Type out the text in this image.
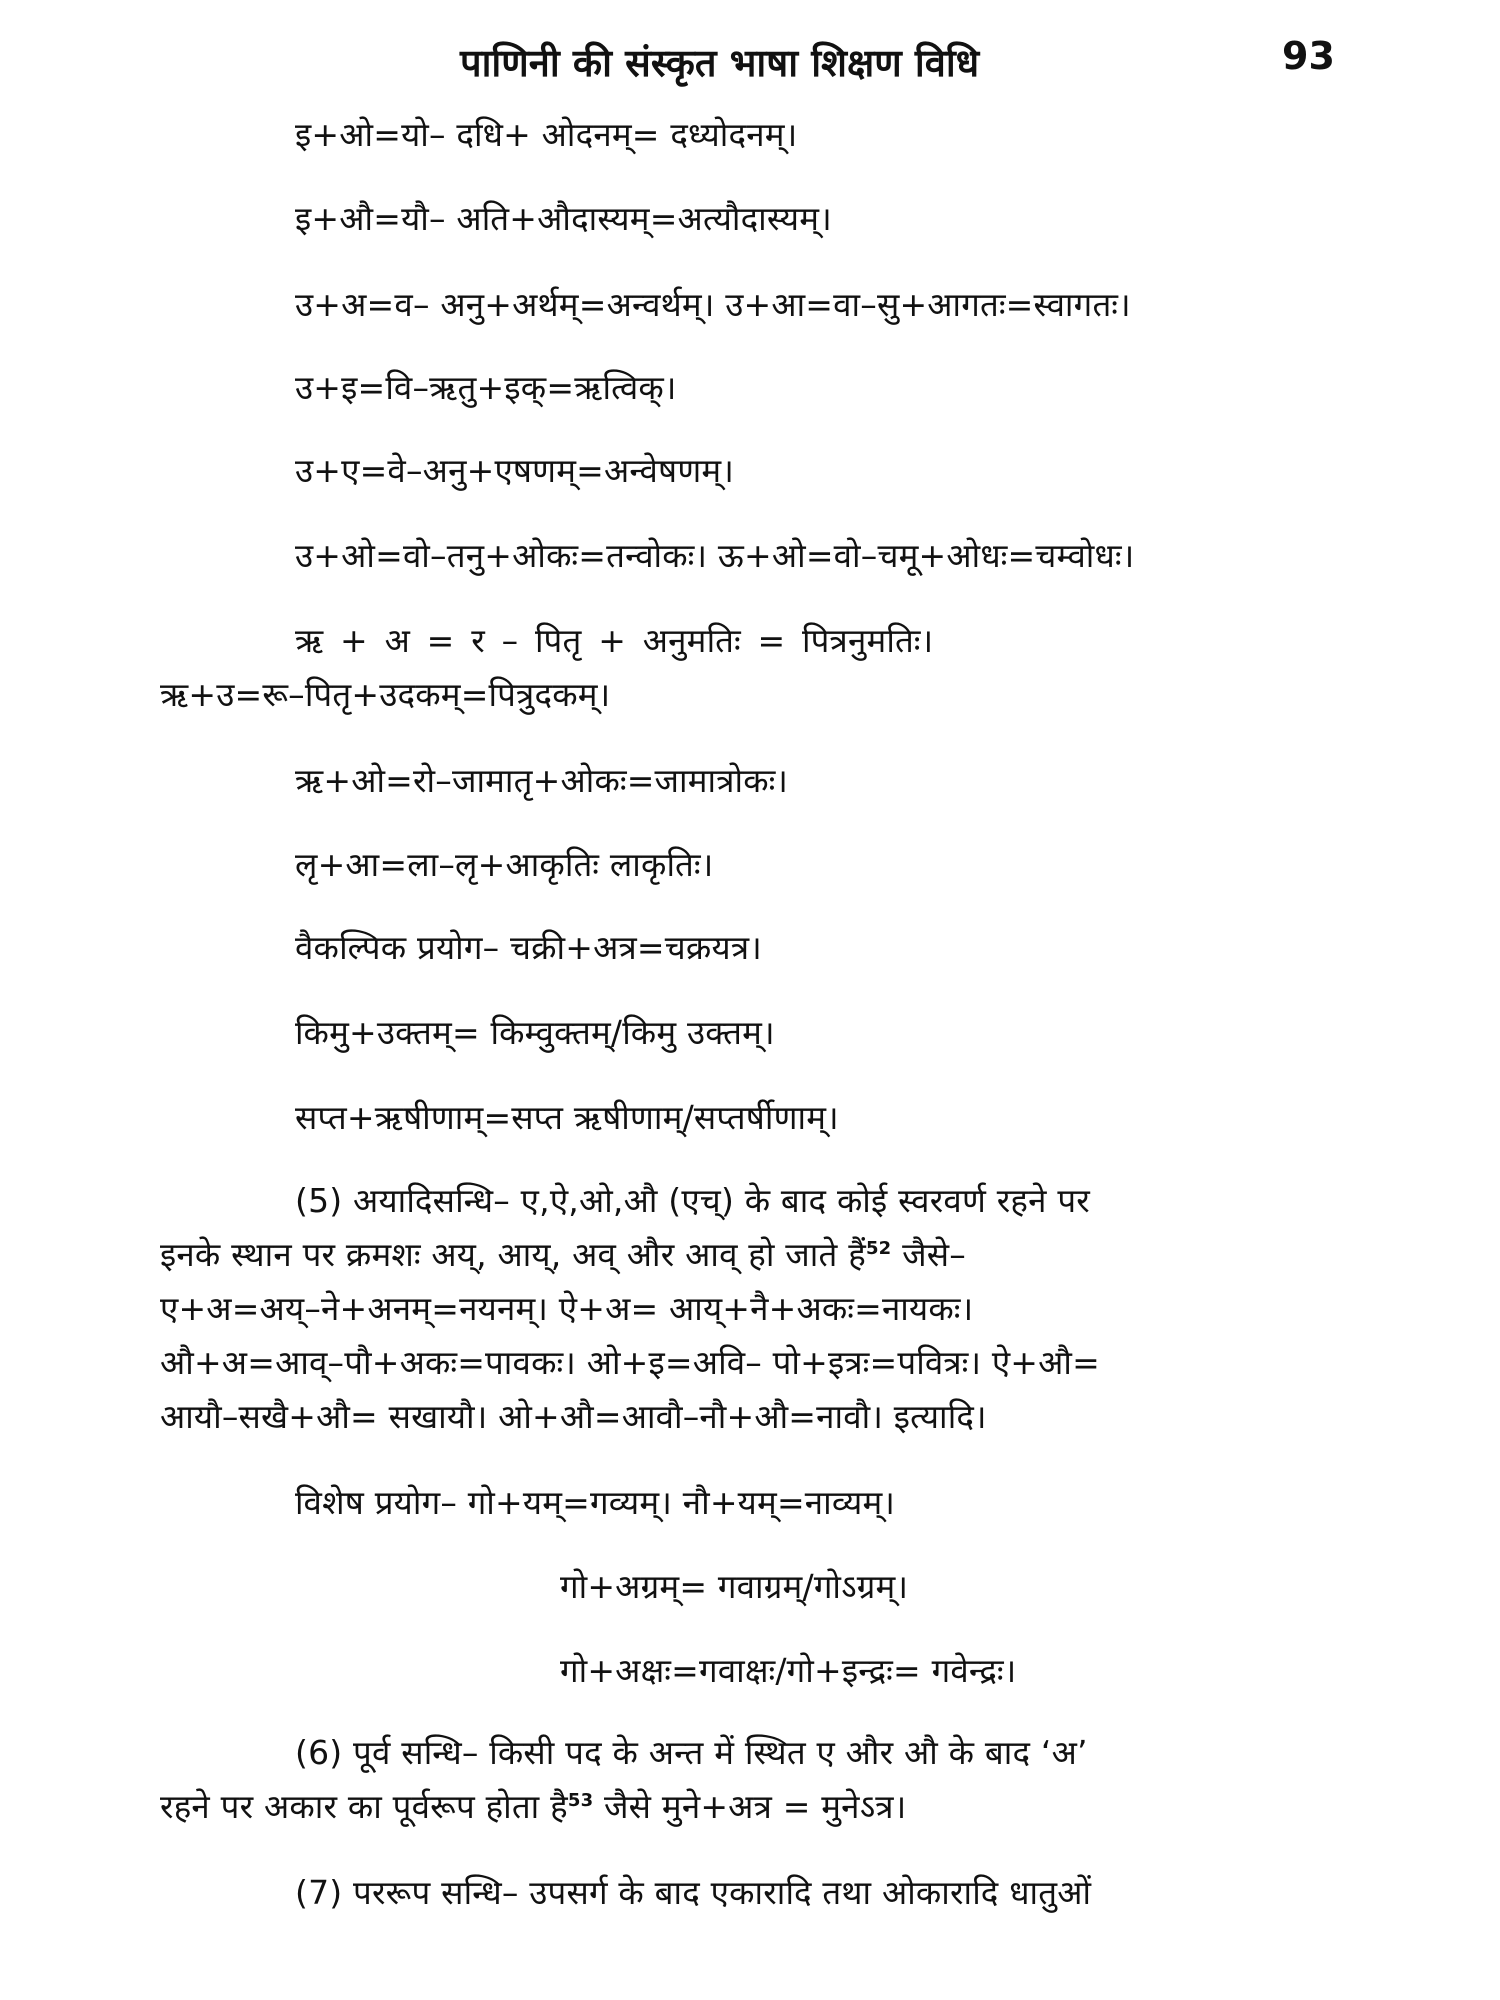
पाणिनी की संस्कृत भाषा शिक्षण विधि	93
इ+ओ=यो– दधि+ ओदनम्= दध्योदनम्।
इ+औ=यौ– अति+औदास्यम्=अत्यौदास्यम्।
उ+अ=व– अनु+अर्थम्=अन्वर्थम्। उ+आ=वा–सु+आगतः=स्वागतः।
उ+इ=वि–ऋतु+इक्=ऋत्विक्।
उ+ए=वे–अनु+एषणम्=अन्वेषणम्।
उ+ओ=वो–तनु+ओकः=तन्वोकः। ऊ+ओ=वो–चमू+ओधः=चम्वोधः।
ऋ + अ = र – पितृ + अनुमतिः = पित्रनुमतिः।
ऋ+उ=रू–पितृ+उदकम्=पित्रुदकम्।
ऋ+ओ=रो–जामातृ+ओकः=जामात्रोकः।
लृ+आ=ला–लृ+आकृतिः लाकृतिः।
वैकल्पिक प्रयोग– चक्री+अत्र=चक्रयत्र।
किमु+उक्तम्= किम्वुक्तम्/किमु उक्तम्।
सप्त+ऋषीणाम्=सप्त ऋषीणाम्/सप्तर्षीणाम्।
(5) अयादिसन्धि– ए,ऐ,ओ,औ (एच्) के बाद कोई स्वरवर्ण रहने पर
इनके स्थान पर क्रमशः अय्, आय्, अव् और आव् हो जाते हैं$^{52}$ जैसे–
ए+अ=अय्–ने+अनम्=नयनम्। ऐ+अ= आय्+नै+अकः=नायकः।
औ+अ=आव्–पौ+अकः=पावकः। ओ+इ=अवि– पो+इत्रः=पवित्रः। ऐ+औ=
आयौ–सखै+औ= सखायौ। ओ+औ=आवौ–नौ+औ=नावौ। इत्यादि।
विशेष प्रयोग– गो+यम्=गव्यम्। नौ+यम्=नाव्यम्।
गो+अग्रम्= गवाग्रम्/गोऽग्रम्।
गो+अक्षः=गवाक्षः/गो+इन्द्रः= गवेन्द्रः।
(6) पूर्व सन्धि– किसी पद के अन्त में स्थित ए और औ के बाद ‘अ’
रहने पर अकार का पूर्वरूप होता है$^{53}$ जैसे मुने+अत्र = मुनेऽत्र।
(7) पररूप सन्धि– उपसर्ग के बाद एकारादि तथा ओकारादि धातुओं
